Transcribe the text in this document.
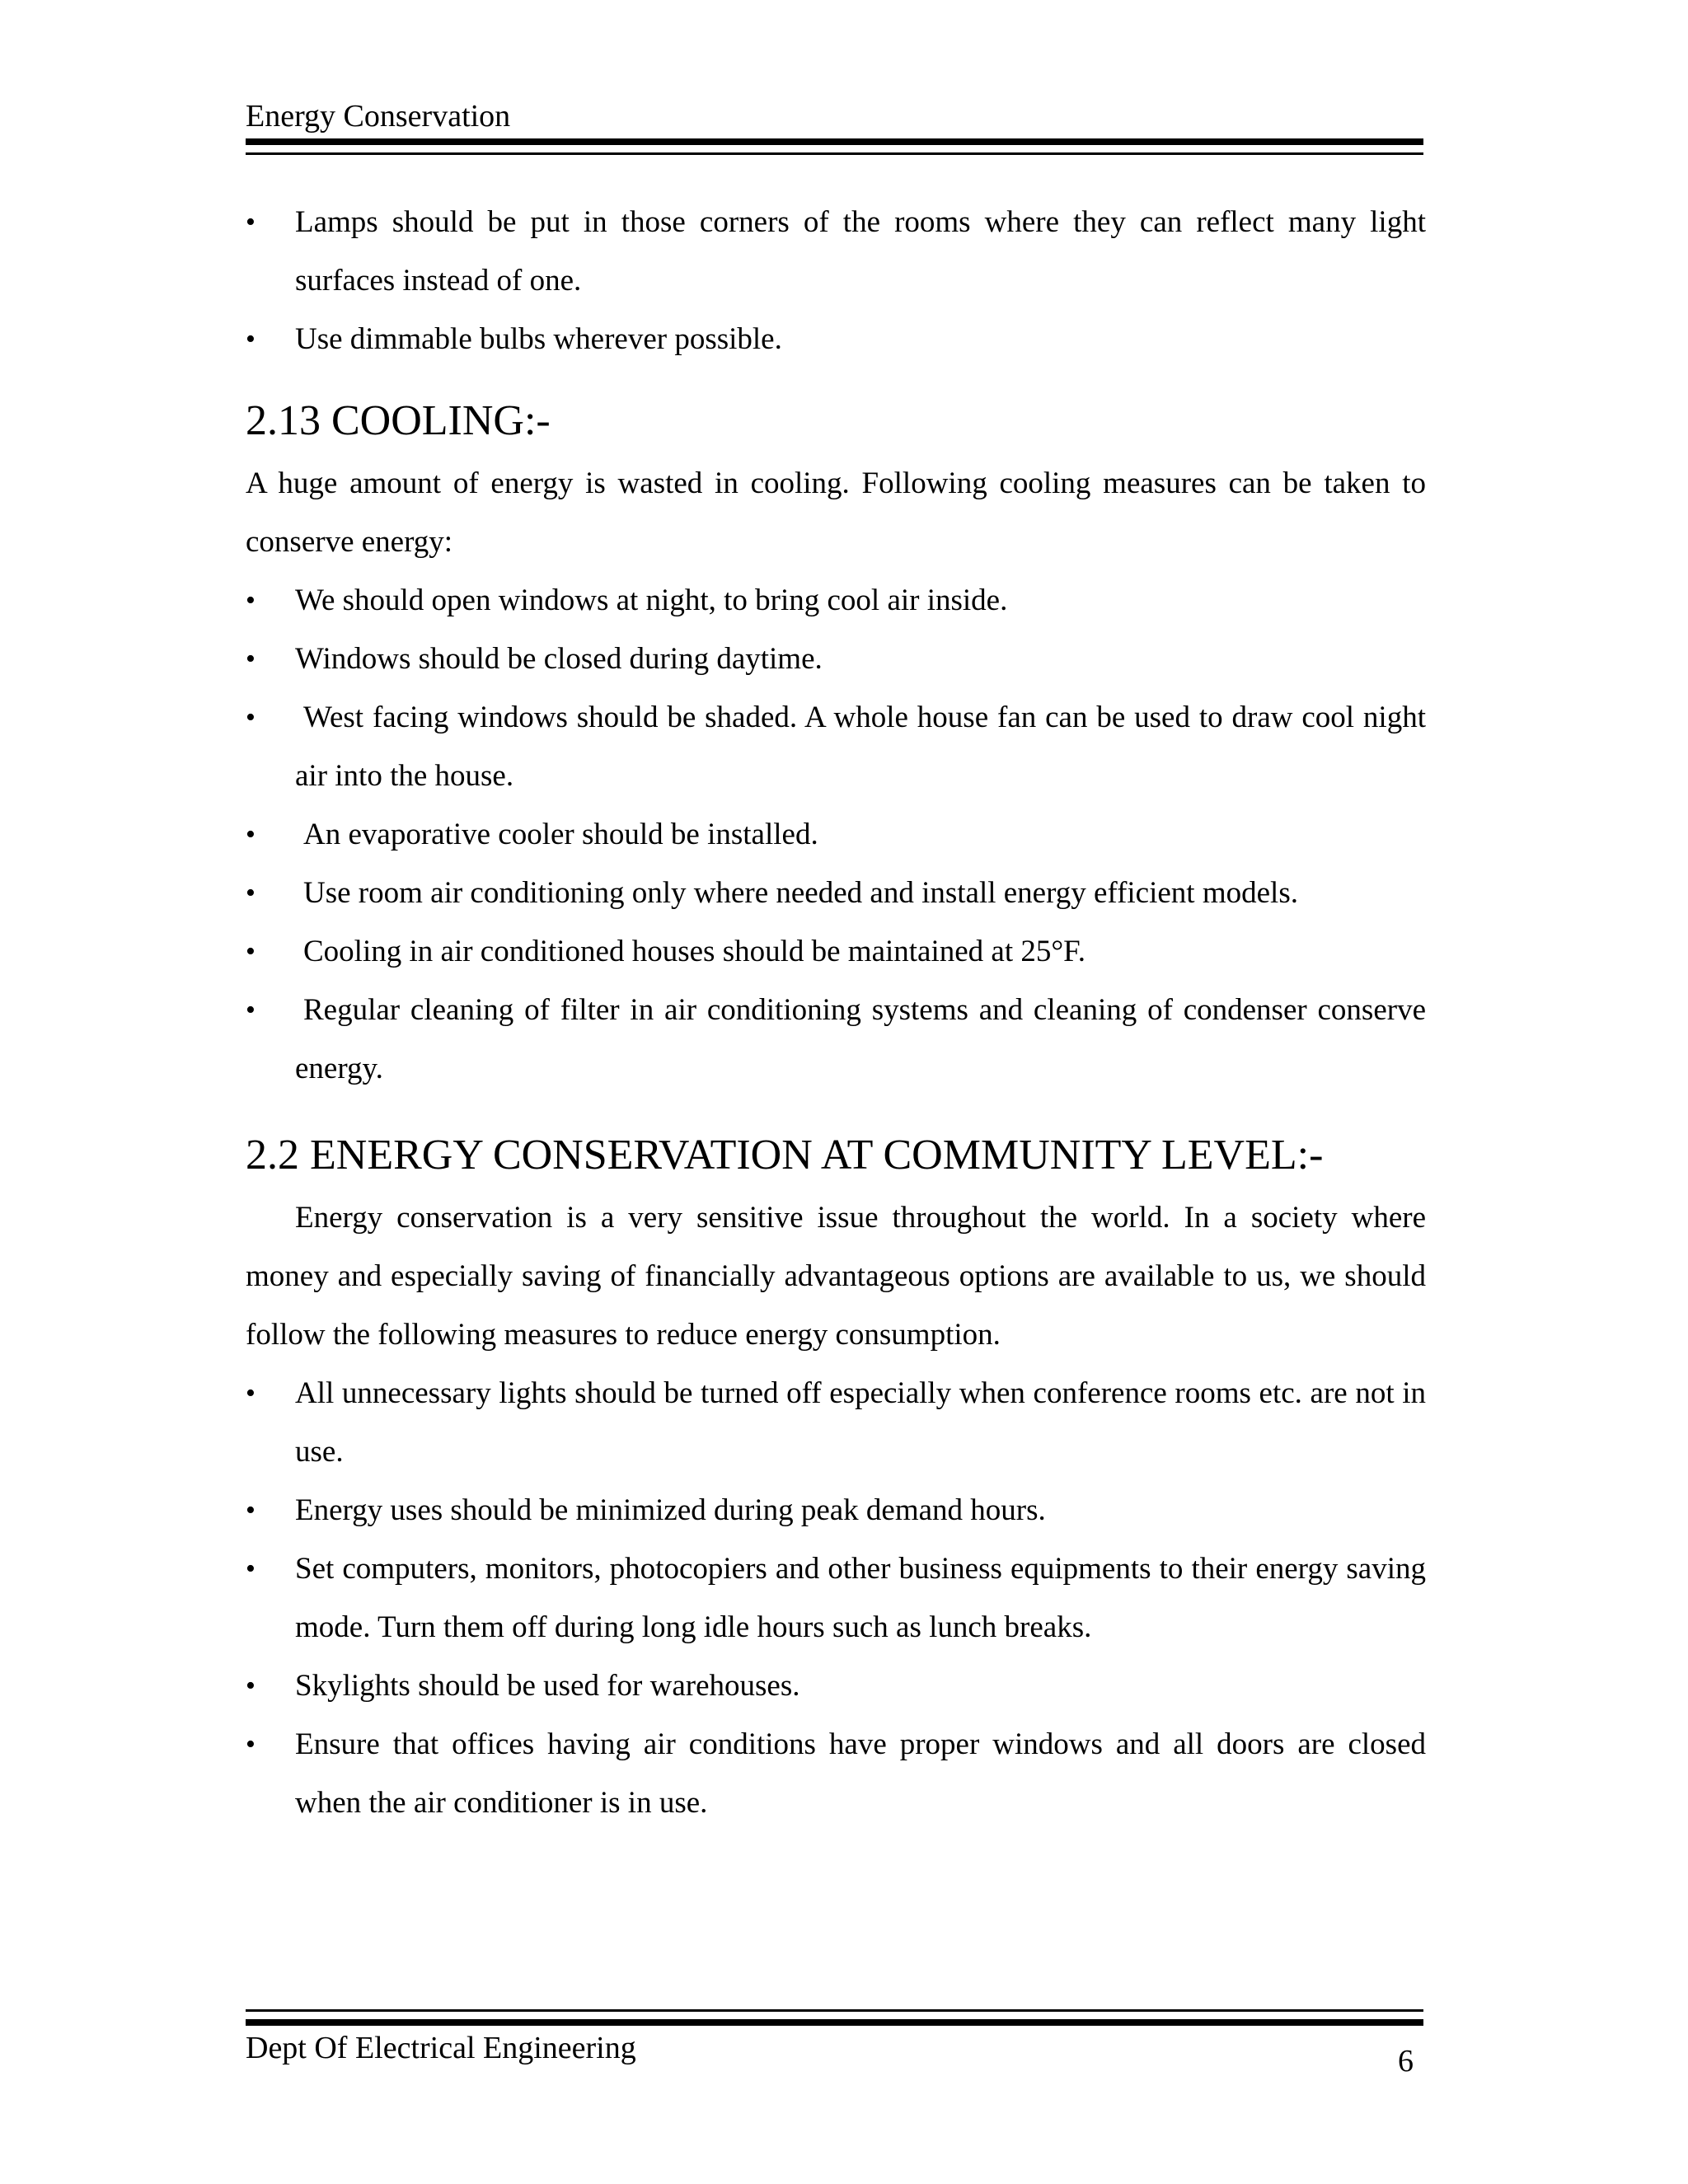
Energy Conservation
•	Lamps should be put in those corners of the rooms where they can reflect many light surfaces instead of one.
•	Use dimmable bulbs wherever possible.
2.13 COOLING:-

A huge amount of energy is wasted in cooling. Following cooling measures can be taken to conserve energy:

•	We should open windows at night, to bring cool air inside.
•	Windows should be closed during daytime.
•	West facing windows should be shaded. A whole house fan can be used to draw cool night air into the house.
•	An evaporative cooler should be installed.
•	Use room air conditioning only where needed and install energy efficient models.
•	Cooling in air conditioned houses should be maintained at 25°F.
•	Regular cleaning of filter in air conditioning systems and cleaning of condenser conserve energy.
2.2 ENERGY CONSERVATION AT COMMUNITY LEVEL:-

Energy conservation is a very sensitive issue throughout the world. In a society where money and especially saving of financially advantageous options are available to us, we should follow the following measures to reduce energy consumption.

•	All unnecessary lights should be turned off especially when conference rooms etc. are not in use.
•	Energy uses should be minimized during peak demand hours.
•	Set computers, monitors, photocopiers and other business equipments to their energy saving mode. Turn them off during long idle hours such as lunch breaks.
•	Skylights should be used for warehouses.
•	Ensure that offices having air conditions have proper windows and all doors are closed when the air conditioner is in use.
Dept Of Electrical Engineering	6
